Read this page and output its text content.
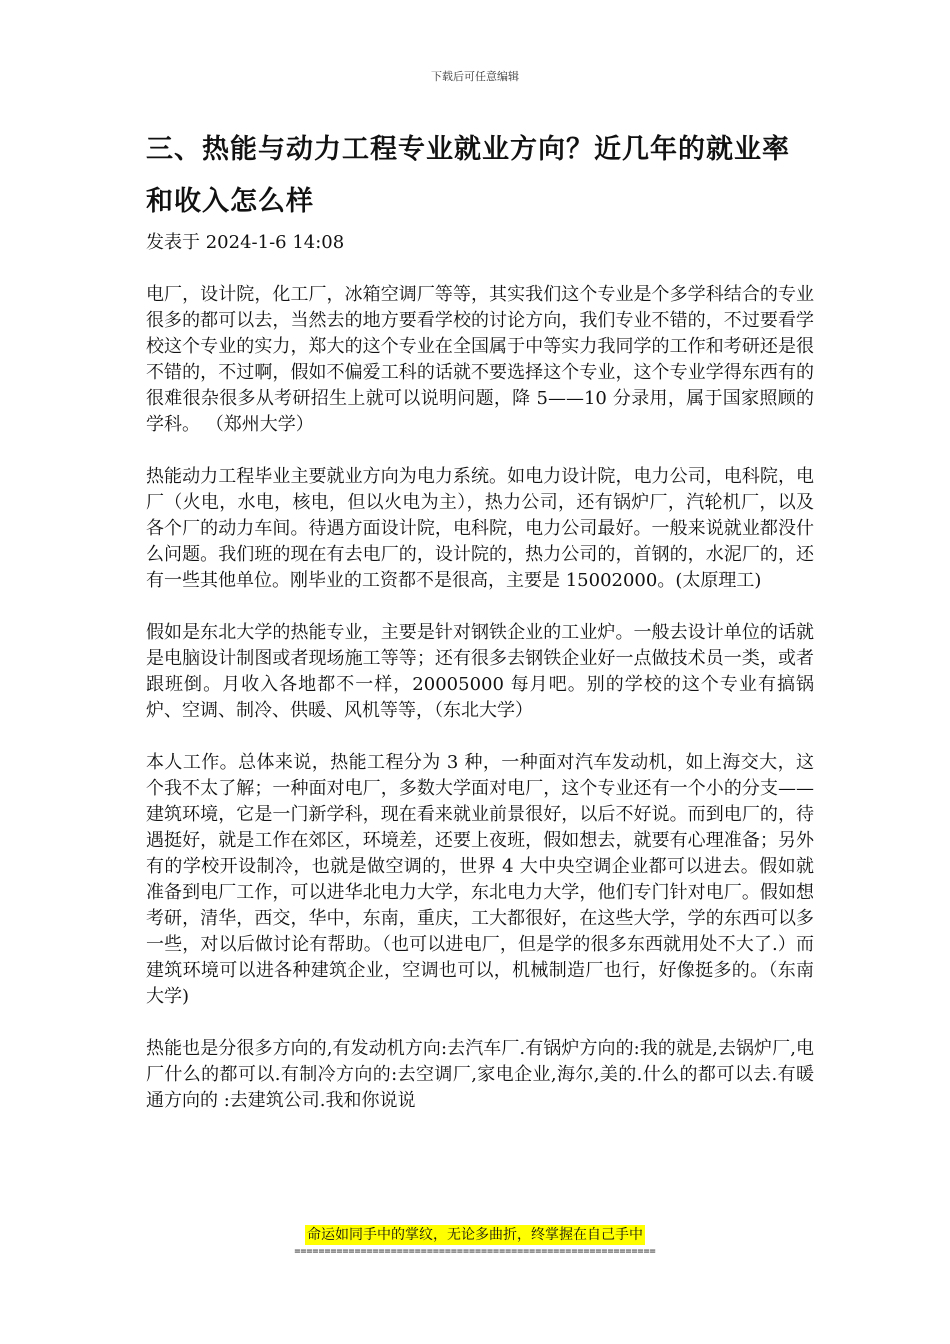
下载后可任意编辑
三、热能与动力工程专业就业方向？近几年的就业率和收入怎么样

发表于 2024-1-6 14:08

电厂，设计院，化工厂，冰箱空调厂等等，其实我们这个专业是个多学科结合的专业 很多的都可以去，当然去的地方要看学校的讨论方向，我们专业不错的，不过要看学校这个专业的实力，郑大的这个专业在全国属于中等实力我同学的工作和考研还是很不错的，不过啊，假如不偏爱工科的话就不要选择这个专业，这个专业学得东西有的很难很杂很多从考研招生上就可以说明问题，降 5——10 分录用，属于国家照顾的学科。 （郑州大学）

热能动力工程毕业主要就业方向为电力系统。如电力设计院，电力公司，电科院，电厂（火电，水电，核电，但以火电为主），热力公司，还有锅炉厂，汽轮机厂，以及各个厂的动力车间。待遇方面设计院，电科院，电力公司最好。一般来说就业都没什么问题。我们班的现在有去电厂的，设计院的，热力公司的，首钢的，水泥厂的，还有一些其他单位。刚毕业的工资都不是很高，主要是 15002000。(太原理工)

假如是东北大学的热能专业，主要是针对钢铁企业的工业炉。一般去设计单位的话就是电脑设计制图或者现场施工等等；还有很多去钢铁企业好一点做技术员一类，或者跟班倒。月收入各地都不一样，20005000 每月吧。别的学校的这个专业有搞锅炉、空调、制冷、供暖、风机等等，（东北大学）

本人工作。总体来说，热能工程分为 3 种，一种面对汽车发动机，如上海交大，这个我不太了解；一种面对电厂，多数大学面对电厂，这个专业还有一个小的分支——建筑环境，它是一门新学科，现在看来就业前景很好，以后不好说。而到电厂的，待遇挺好，就是工作在郊区，环境差，还要上夜班，假如想去，就要有心理准备；另外有的学校开设制冷，也就是做空调的，世界 4 大中央空调企业都可以进去。假如就准备到电厂工作，可以进华北电力大学，东北电力大学，他们专门针对电厂。假如想考研，清华，西交，华中，东南，重庆，工大都很好，在这些大学，学的东西可以多一些，对以后做讨论有帮助。（也可以进电厂，但是学的很多东西就用处不大了.）而建筑环境可以进各种建筑企业，空调也可以，机械制造厂也行，好像挺多的。（东南大学)

热能也是分很多方向的,有发动机方向:去汽车厂.有锅炉方向的:我的就是,去锅炉厂,电厂什么的都可以.有制冷方向的:去空调厂,家电企业,海尔,美的.什么的都可以去.有暖通方向的 :去建筑公司.我和你说说

命运如同手中的掌纹，无论多曲折，终掌握在自己手中
============================================================
